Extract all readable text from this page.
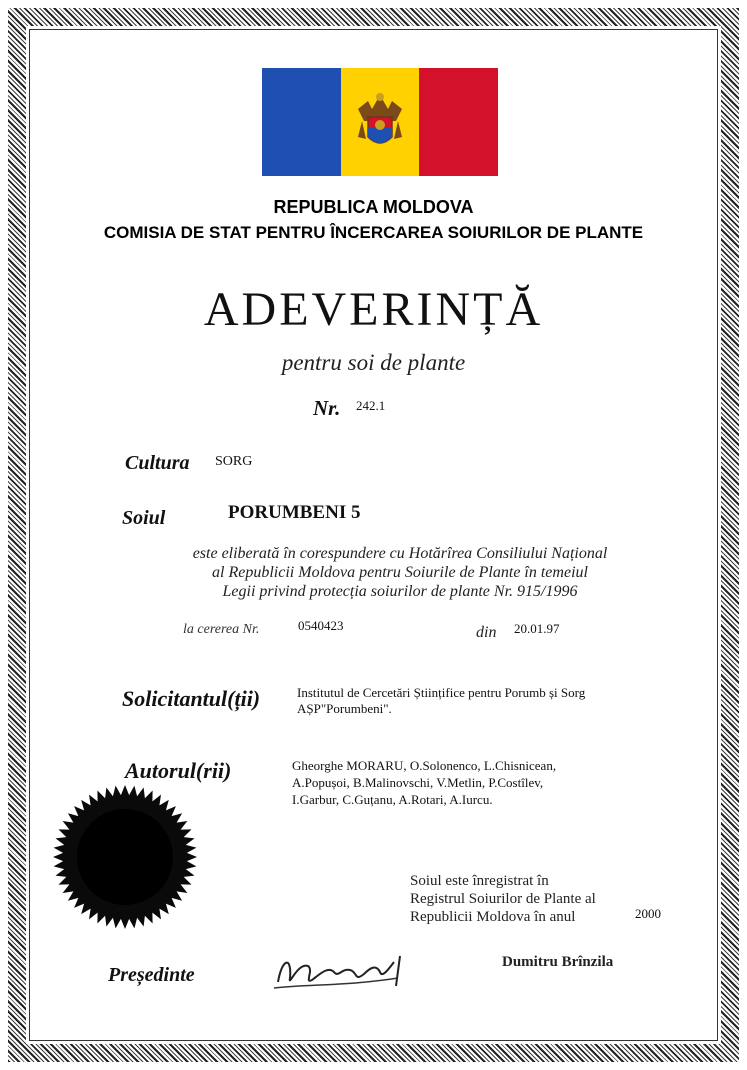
REPUBLICA MOLDOVA
COMISIA DE STAT PENTRU ÎNCERCAREA SOIURILOR DE PLANTE
ADEVERINȚĂ
pentru soi de plante
Nr. 242.1
Cultura SORG
Soiul	PORUMBENI 5
este eliberată în corespundere cu Hotărîrea Consiliului Național
al Republicii Moldova pentru Soiurile de Plante în temeiul
Legii privind protecția soiurilor de plante Nr. 915/1996
la cererea Nr.	0540423	din 20.01.97
Solicitantul(ții)	Institutul de Cercetări Științifice pentru Porumb și Sorg
AȘP"Porumbeni".
Autorul(rii)	Gheorghe MORARU, O.Solonenco, L.Chisnicean,
A.Popușoi, B.Malinovschi, V.Metlin, P.Costîlev,
I.Garbur, C.Guțanu, A.Rotari, A.Iurcu.
Soiul este înregistrat în
Registrul Soiurilor de Plante al
Republicii Moldova în anul	2000
Președinte
Dumitru Brînzila
